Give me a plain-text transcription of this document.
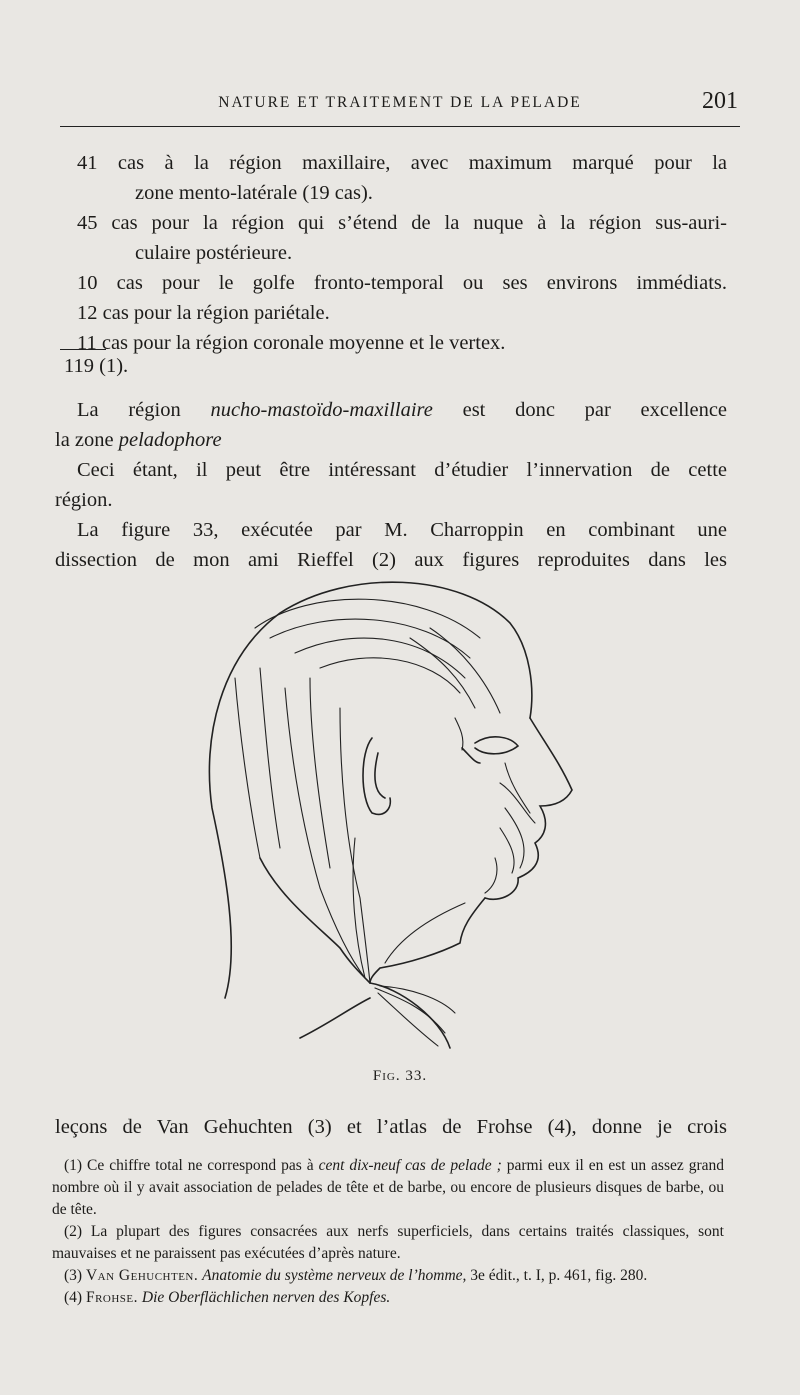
NATURE ET TRAITEMENT DE LA PELADE	201

41 cas à la région maxillaire, avec maximum marqué pour la

zone mento-latérale (19 cas).

45 cas pour la région qui s’étend de la nuque à la région sus-auri-

culaire postérieure.

10 cas pour le golfe fronto-temporal ou ses environs immédiats.

12 cas pour la région pariétale.

11 cas pour la région coronale moyenne et le vertex.

119 (1).

La région nucho-mastoïdo-maxillaire est donc par excellence

la zone peladophore

Ceci étant, il peut être intéressant d’étudier l’innervation de cette

région.

La figure 33, exécutée par M. Charroppin en combinant une

dissection de mon ami Rieffel (2) aux figures reproduites dans les

Fig. 33.

leçons de Van Gehuchten (3) et l’atlas de Frohse (4), donne je crois

(1) Ce chiffre total ne correspond pas à cent dix-neuf cas de pelade ; parmi eux il en est un assez grand nombre où il y avait association de pelades de tête et de barbe, ou encore de plusieurs disques de barbe, ou de tête.

(2) La plupart des figures consacrées aux nerfs superficiels, dans certains traités classiques, sont mauvaises et ne paraissent pas exécutées d’après nature.

(3) Van Gehuchten. Anatomie du système nerveux de l’homme, 3e édit., t. I, p. 461, fig. 280.

(4) Frohse. Die Oberflächlichen nerven des Kopfes.
